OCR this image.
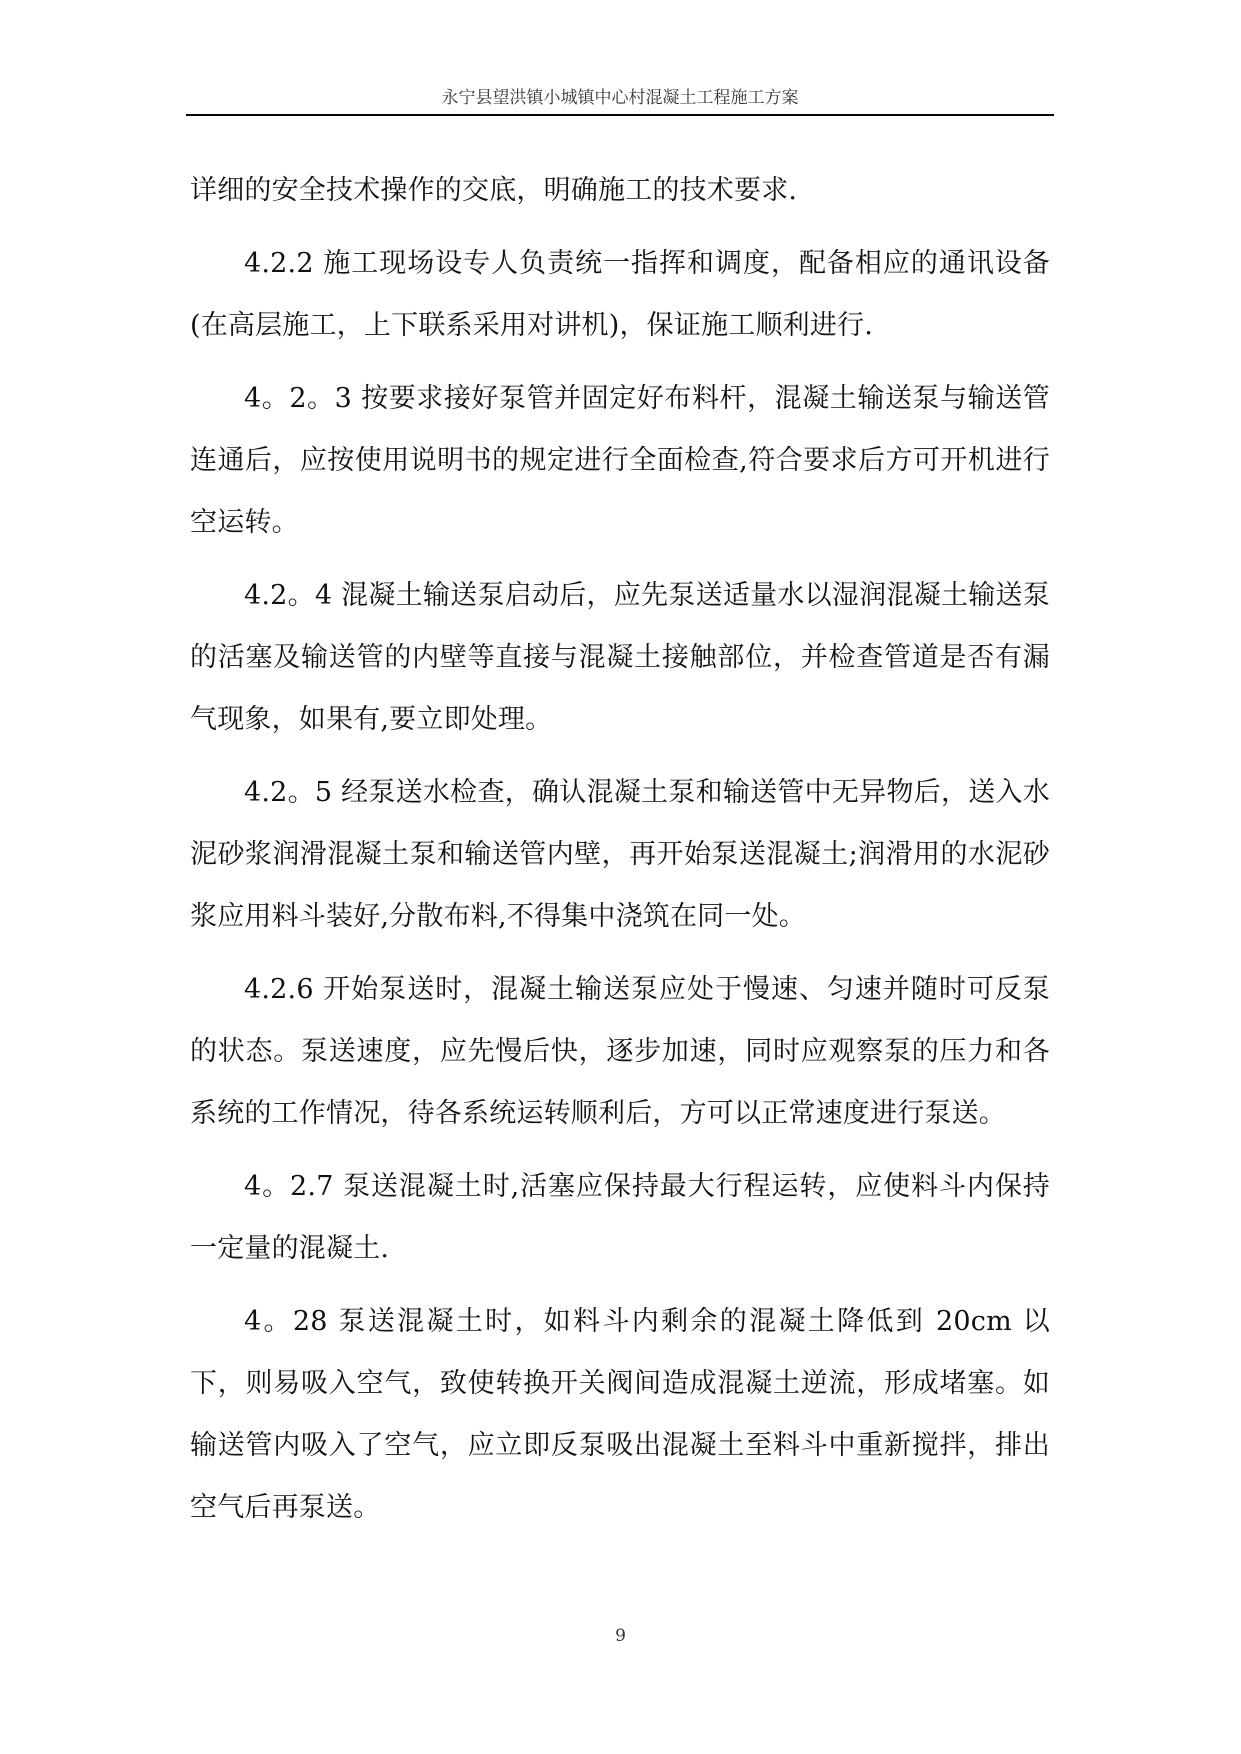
永宁县望洪镇小城镇中心村混凝土工程施工方案

详细的安全技术操作的交底，明确施工的技术要求.

4.2.2 施工现场设专人负责统一指挥和调度，配备相应的通讯设备(在高层施工，上下联系采用对讲机)，保证施工顺利进行.

4。2。3 按要求接好泵管并固定好布料杆，混凝土输送泵与输送管连通后，应按使用说明书的规定进行全面检查,符合要求后方可开机进行空运转。

4.2。4 混凝土输送泵启动后，应先泵送适量水以湿润混凝土输送泵的活塞及输送管的内壁等直接与混凝土接触部位，并检查管道是否有漏气现象，如果有,要立即处理。

4.2。5 经泵送水检查，确认混凝土泵和输送管中无异物后，送入水泥砂浆润滑混凝土泵和输送管内壁，再开始泵送混凝土;润滑用的水泥砂浆应用料斗装好,分散布料,不得集中浇筑在同一处。

4.2.6 开始泵送时，混凝土输送泵应处于慢速、匀速并随时可反泵的状态。泵送速度，应先慢后快，逐步加速，同时应观察泵的压力和各系统的工作情况，待各系统运转顺利后，方可以正常速度进行泵送。

4。2.7 泵送混凝土时,活塞应保持最大行程运转，应使料斗内保持一定量的混凝土.

4。28 泵送混凝土时，如料斗内剩余的混凝土降低到 20cm 以下，则易吸入空气，致使转换开关阀间造成混凝土逆流，形成堵塞。如输送管内吸入了空气，应立即反泵吸出混凝土至料斗中重新搅拌，排出空气后再泵送。

9
